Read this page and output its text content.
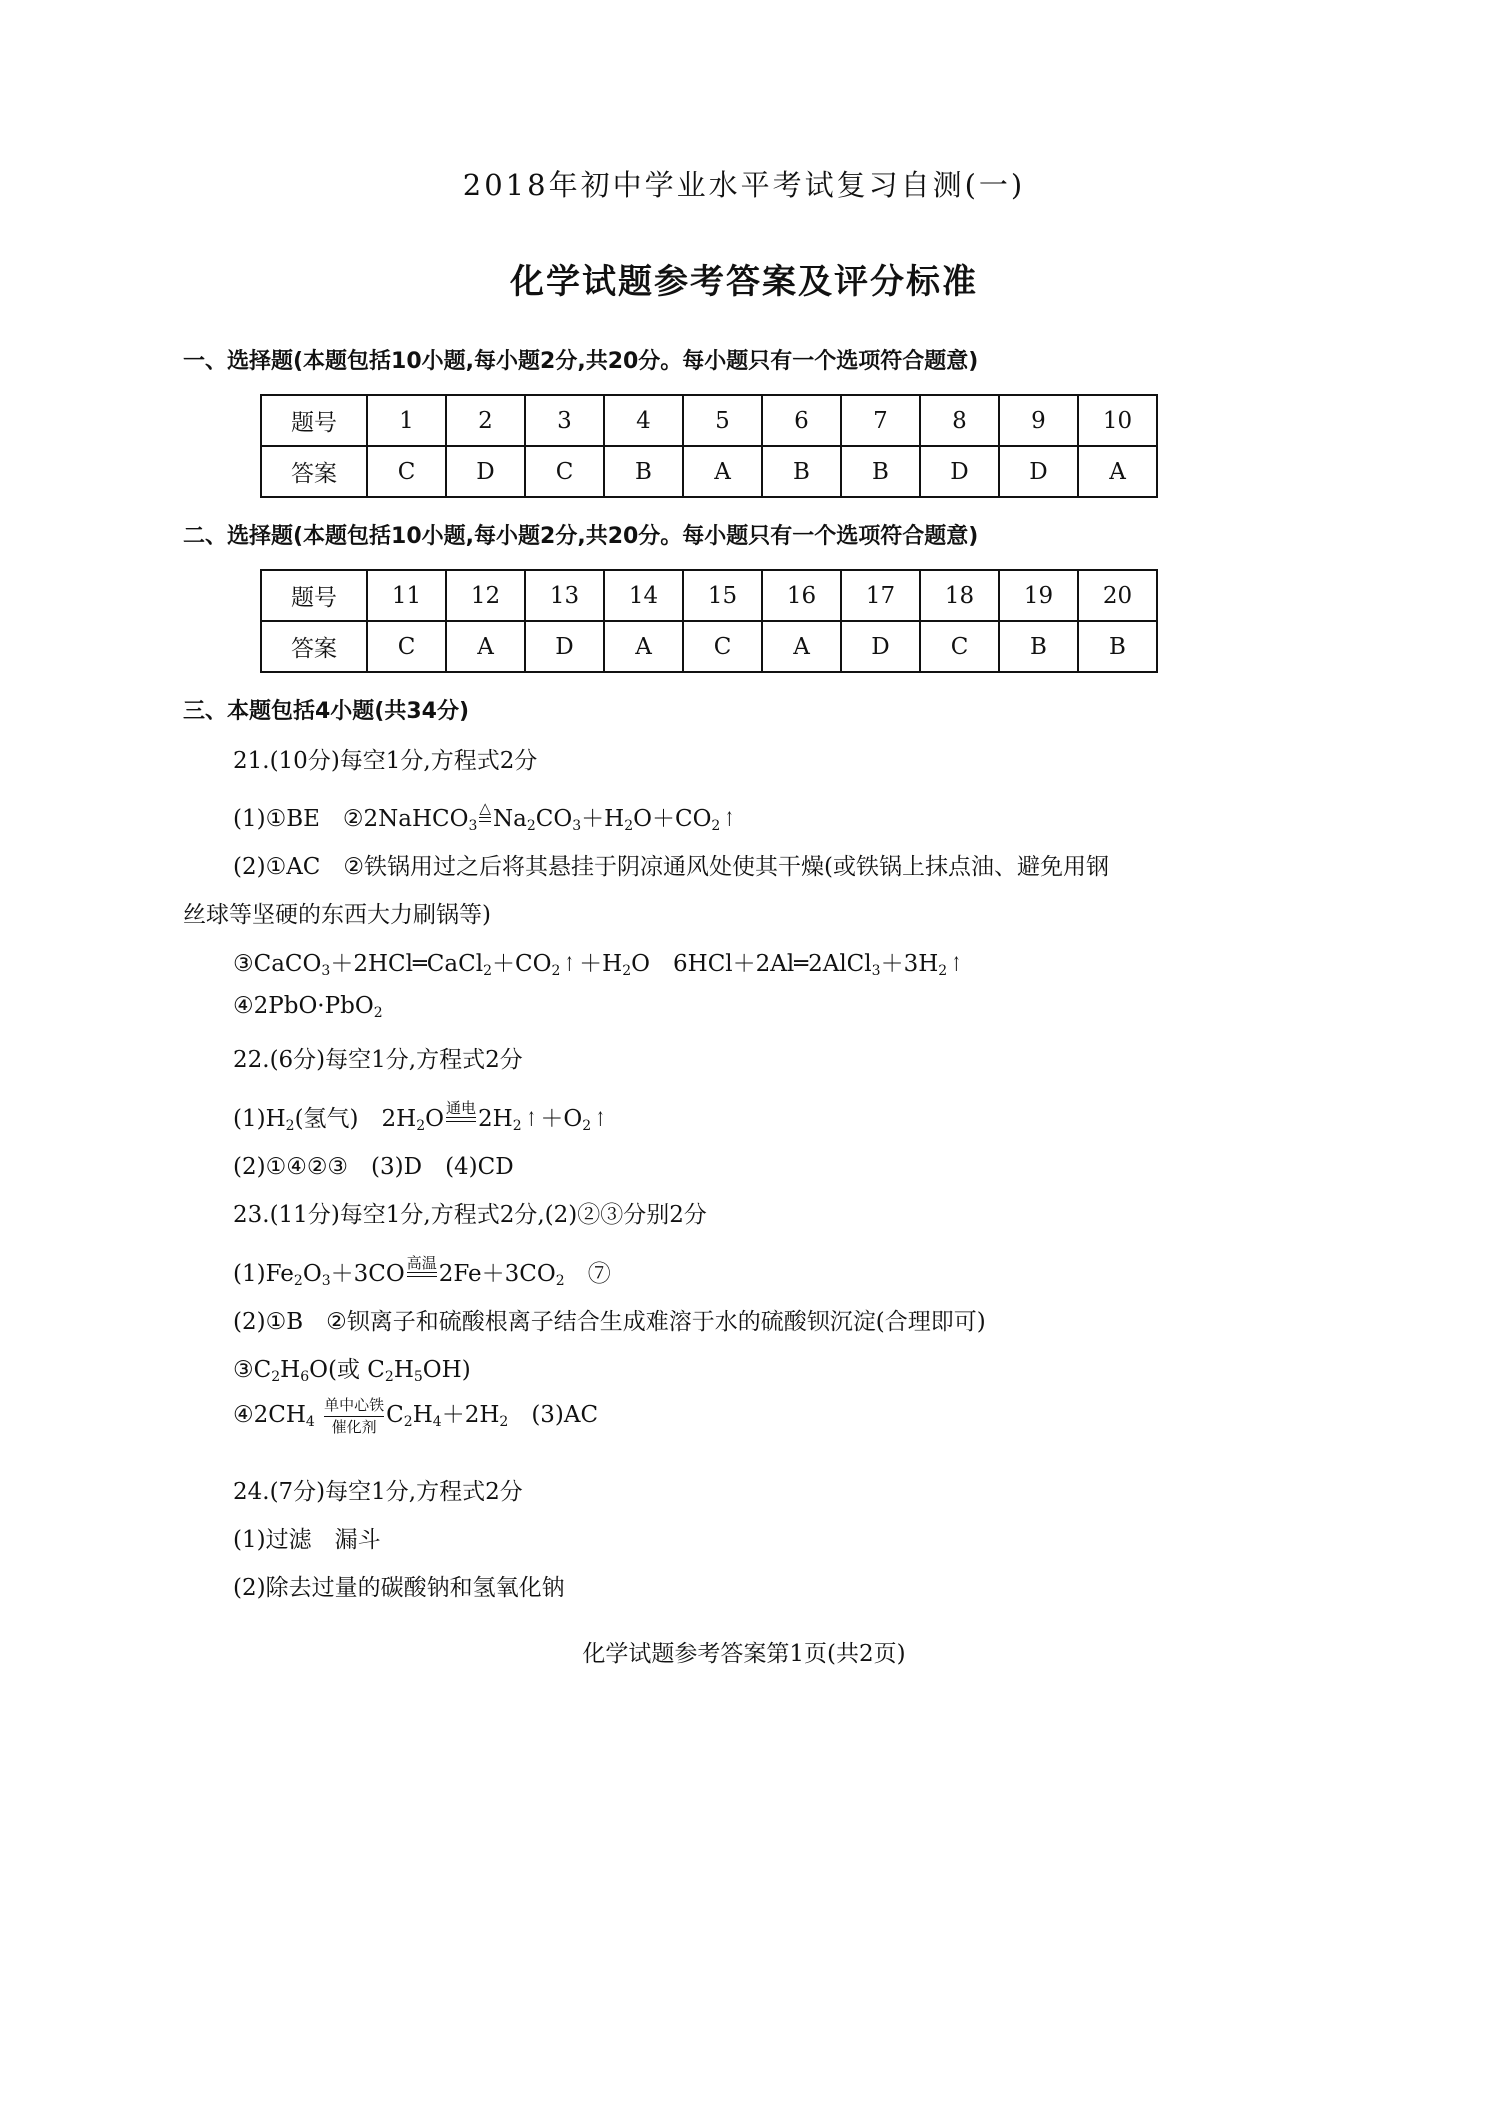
2018年初中学业水平考试复习自测(一)
化学试题参考答案及评分标准
一、选择题(本题包括10小题,每小题2分,共20分。每小题只有一个选项符合题意)
题号	1	2	3	4	5	6	7	8	9	10
答案	C	D	C	B	A	B	B	D	D	A
二、选择题(本题包括10小题,每小题2分,共20分。每小题只有一个选项符合题意)
题号	11	12	13	14	15	16	17	18	19	20
答案	C	A	D	A	C	A	D	C	B	B
三、本题包括4小题(共34分)
21.(10分)每空1分,方程式2分
(1)①BE　②2NaHCO$_3$
△ $Na_2CO_3+H_2O+CO_2$ ↑
(2)①AC　②铁锅用过之后将其悬挂于阴凉通风处使其干燥(或铁锅上抹点油、避免用钢
丝球等坚硬的东西大力刷锅等)
$③CaCO_3+2HCl═CaCl_2+CO_2$ ↑ $+H_2O$　$6HCl+2Al═2AlCl_3+3H_2$ ↑
④2PbO·PbO$_2$
22.(6分)每空1分,方程式2分
$(1)H_2$(氢气)　$2H_2O$ 通电 $2H_2$ ↑ $+O_2$ ↑
(2)①④②③　(3)D　(4)CD
23.(11分)每空1分,方程式2分,(2)②③分别2分
$(1)Fe_2O_3+3CO$ 高温 $2Fe+3CO_2$　 ⑦
(2)①B　②钡离子和硫酸根离子结合生成难溶于水的硫酸钡沉淀(合理即可)
$③C_2H_6O$(或 $C_2H_5OH$)
$④2CH_4$
单中心铁
催化剂 $C_2H_4+2H_2$　 (3)AC
24.(7分)每空1分,方程式2分
(1)过滤　漏斗
(2)除去过量的碳酸钠和氢氧化钠
化学试题参考答案第1页(共2页)
